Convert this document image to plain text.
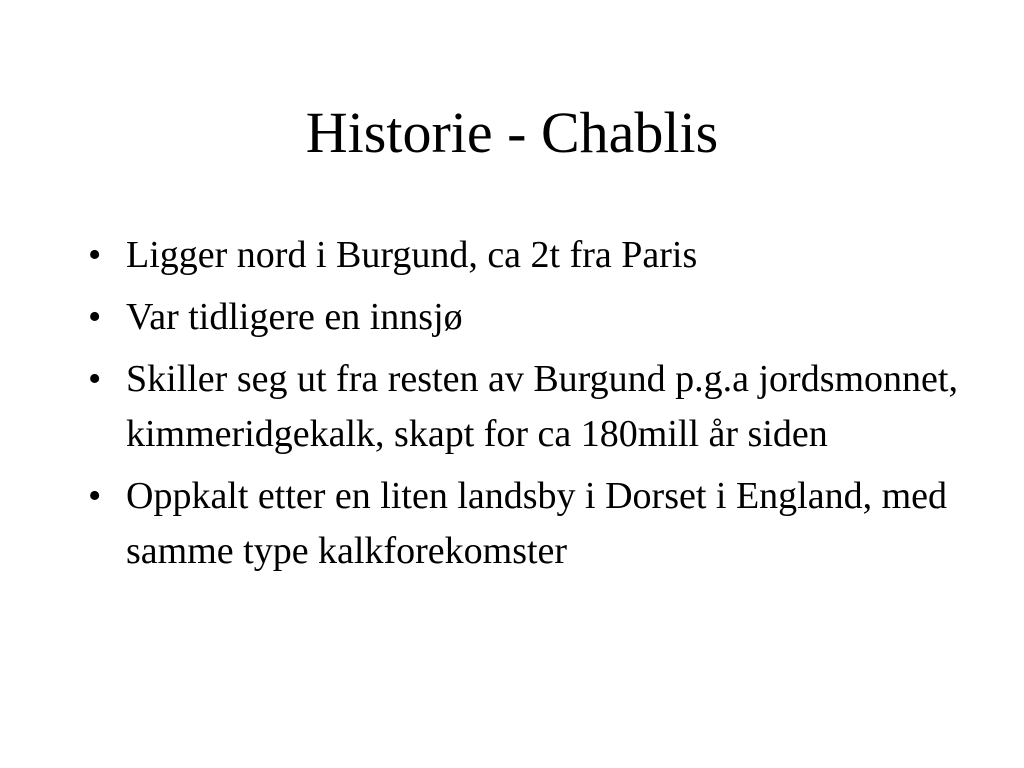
Historie - Chablis
• Ligger nord i Burgund, ca 2t fra Paris
• Var tidligere en innsjø
• Skiller seg ut fra resten av Burgund p.g.a jordsmonnet, kimmeridgekalk, skapt for ca 180mill år siden
• Oppkalt etter en liten landsby i Dorset i England, med samme type kalkforekomster
